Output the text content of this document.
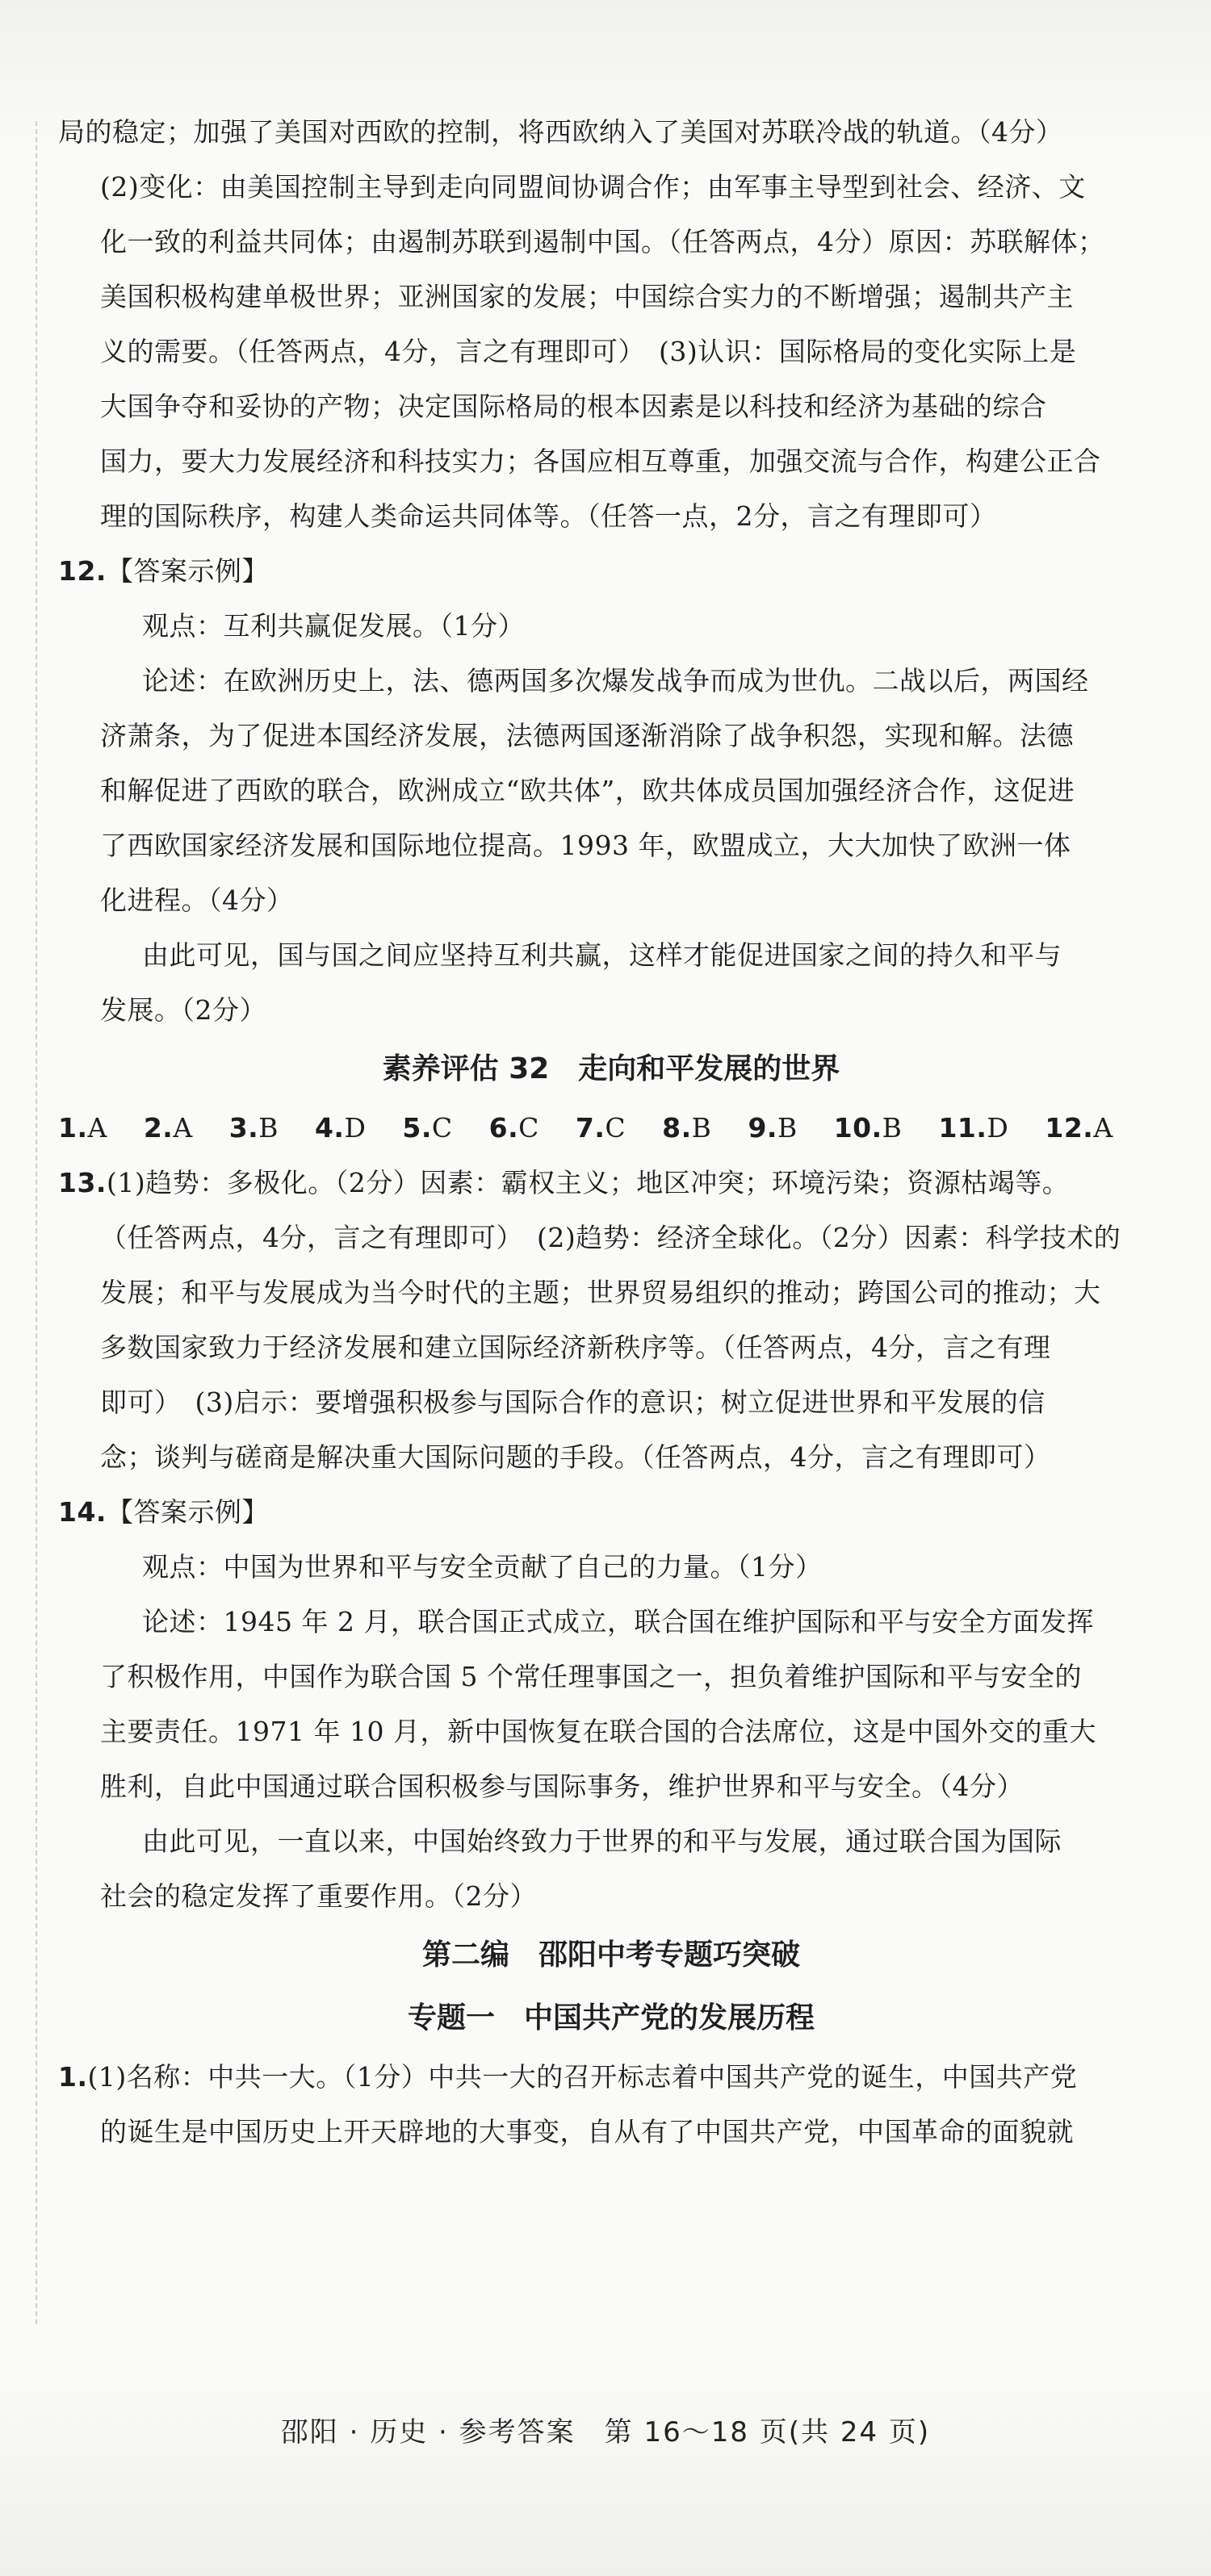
局的稳定；加强了美国对西欧的控制，将西欧纳入了美国对苏联冷战的轨道。（4分）
(2)变化：由美国控制主导到走向同盟间协调合作；由军事主导型到社会、经济、文
化一致的利益共同体；由遏制苏联到遏制中国。（任答两点，4分）原因：苏联解体；
美国积极构建单极世界；亚洲国家的发展；中国综合实力的不断增强；遏制共产主
义的需要。（任答两点，4分，言之有理即可）　(3)认识：国际格局的变化实际上是
大国争夺和妥协的产物；决定国际格局的根本因素是以科技和经济为基础的综合
国力，要大力发展经济和科技实力；各国应相互尊重，加强交流与合作，构建公正合
理的国际秩序，构建人类命运共同体等。（任答一点，2分，言之有理即可）
12.【答案示例】
观点：互利共赢促发展。（1分）
论述：在欧洲历史上，法、德两国多次爆发战争而成为世仇。二战以后，两国经
济萧条，为了促进本国经济发展，法德两国逐渐消除了战争积怨，实现和解。法德
和解促进了西欧的联合，欧洲成立“欧共体”，欧共体成员国加强经济合作，这促进
了西欧国家经济发展和国际地位提高。1993 年，欧盟成立，大大加快了欧洲一体
化进程。（4分）
由此可见，国与国之间应坚持互利共赢，这样才能促进国家之间的持久和平与
发展。（2分）
素养评估 32　走向和平发展的世界
1.A 2.A 3.B 4.D 5.C 6.C 7.C 8.B 9.B 10.B 11.D 12.A
13.(1)趋势：多极化。（2分）因素：霸权主义；地区冲突；环境污染；资源枯竭等。
（任答两点，4分，言之有理即可）　(2)趋势：经济全球化。（2分）因素：科学技术的
发展；和平与发展成为当今时代的主题；世界贸易组织的推动；跨国公司的推动；大
多数国家致力于经济发展和建立国际经济新秩序等。（任答两点，4分，言之有理
即可）　(3)启示：要增强积极参与国际合作的意识；树立促进世界和平发展的信
念；谈判与磋商是解决重大国际问题的手段。（任答两点，4分，言之有理即可）
14.【答案示例】
观点：中国为世界和平与安全贡献了自己的力量。（1分）
论述：1945 年 2 月，联合国正式成立，联合国在维护国际和平与安全方面发挥
了积极作用，中国作为联合国 5 个常任理事国之一，担负着维护国际和平与安全的
主要责任。1971 年 10 月，新中国恢复在联合国的合法席位，这是中国外交的重大
胜利，自此中国通过联合国积极参与国际事务，维护世界和平与安全。（4分）
由此可见，一直以来，中国始终致力于世界的和平与发展，通过联合国为国际
社会的稳定发挥了重要作用。（2分）
第二编　邵阳中考专题巧突破
专题一　中国共产党的发展历程
1.(1)名称：中共一大。（1分）中共一大的召开标志着中国共产党的诞生，中国共产党
的诞生是中国历史上开天辟地的大事变，自从有了中国共产党，中国革命的面貌就
邵阳 · 历史 · 参考答案　第 16～18 页(共 24 页)
